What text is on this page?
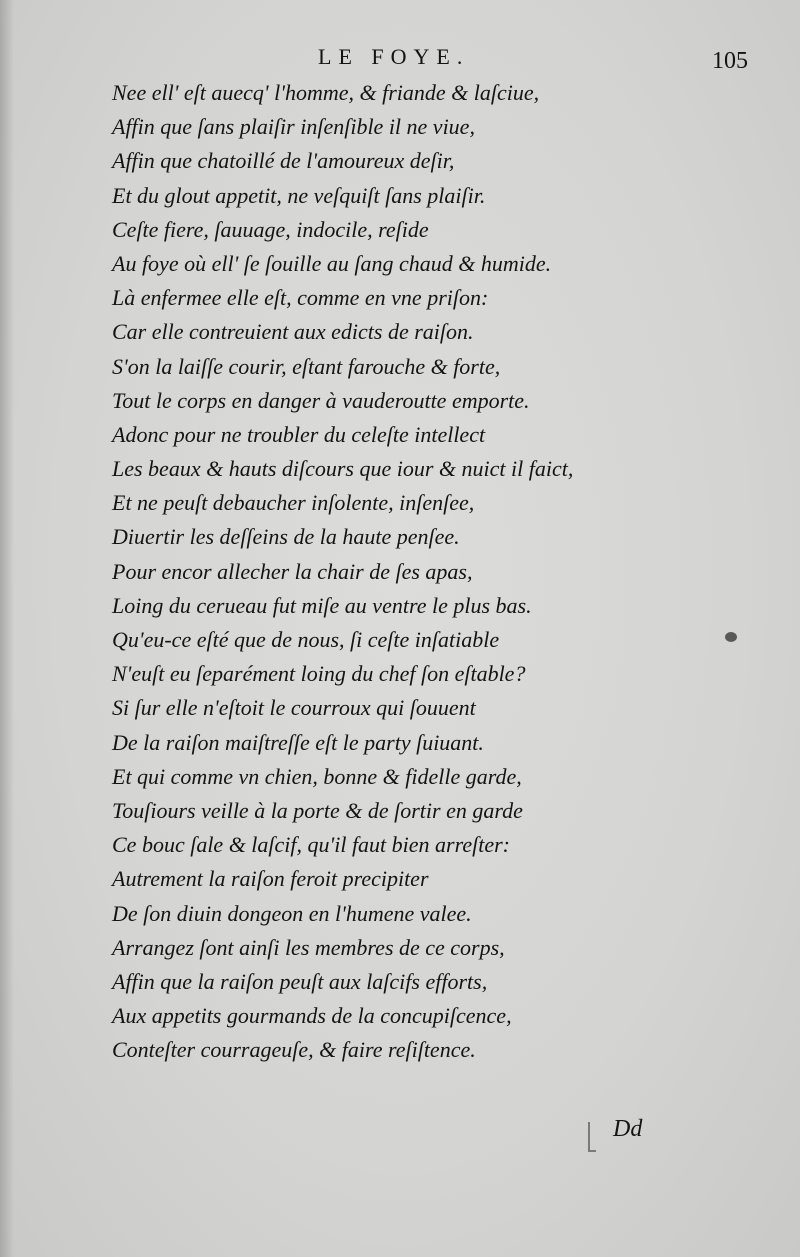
LE FOYE.	105
Nee ell' eſt auecq' l'homme, & friande & laſciue,
Affin que ſans plaiſir inſenſible il ne viue,
Affin que chatoillé de l'amoureux deſir,
Et du glout appetit, ne veſquiſt ſans plaiſir.
Ceſte fiere, ſauuage, indocile, reſide
Au foye où ell' ſe ſouille au ſang chaud & humide.
Là enfermee elle eſt, comme en vne priſon:
Car elle contreuient aux edicts de raiſon.
S'on la laiſſe courir, eſtant farouche & forte,
Tout le corps en danger à vauderoutte emporte.
Adonc pour ne troubler du celeſte intellect
Les beaux & hauts diſcours que iour & nuict il faict,
Et ne peuſt debaucher inſolente, inſenſee,
Diuertir les deſſeins de la haute penſee.
Pour encor allecher la chair de ſes apas,
Loing du cerueau fut miſe au ventre le plus bas.
Qu'eu-ce eſté que de nous, ſi ceſte inſatiable
N'euſt eu ſeparément loing du chef ſon eſtable?
Si ſur elle n'eſtoit le courroux qui ſouuent
De la raiſon maiſtreſſe eſt le party ſuiuant.
Et qui comme vn chien, bonne & fidelle garde,
Touſiours veille à la porte & de ſortir en garde
Ce bouc ſale & laſcif, qu'il faut bien arreſter:
Autrement la raiſon feroit precipiter
De ſon diuin dongeon en l'humene valee.
Arrangez ſont ainſi les membres de ce corps,
Affin que la raiſon peuſt aux laſcifs efforts,
Aux appetits gourmands de la concupiſcence,
Conteſter courrageuſe, & faire reſiſtence.
Dd
